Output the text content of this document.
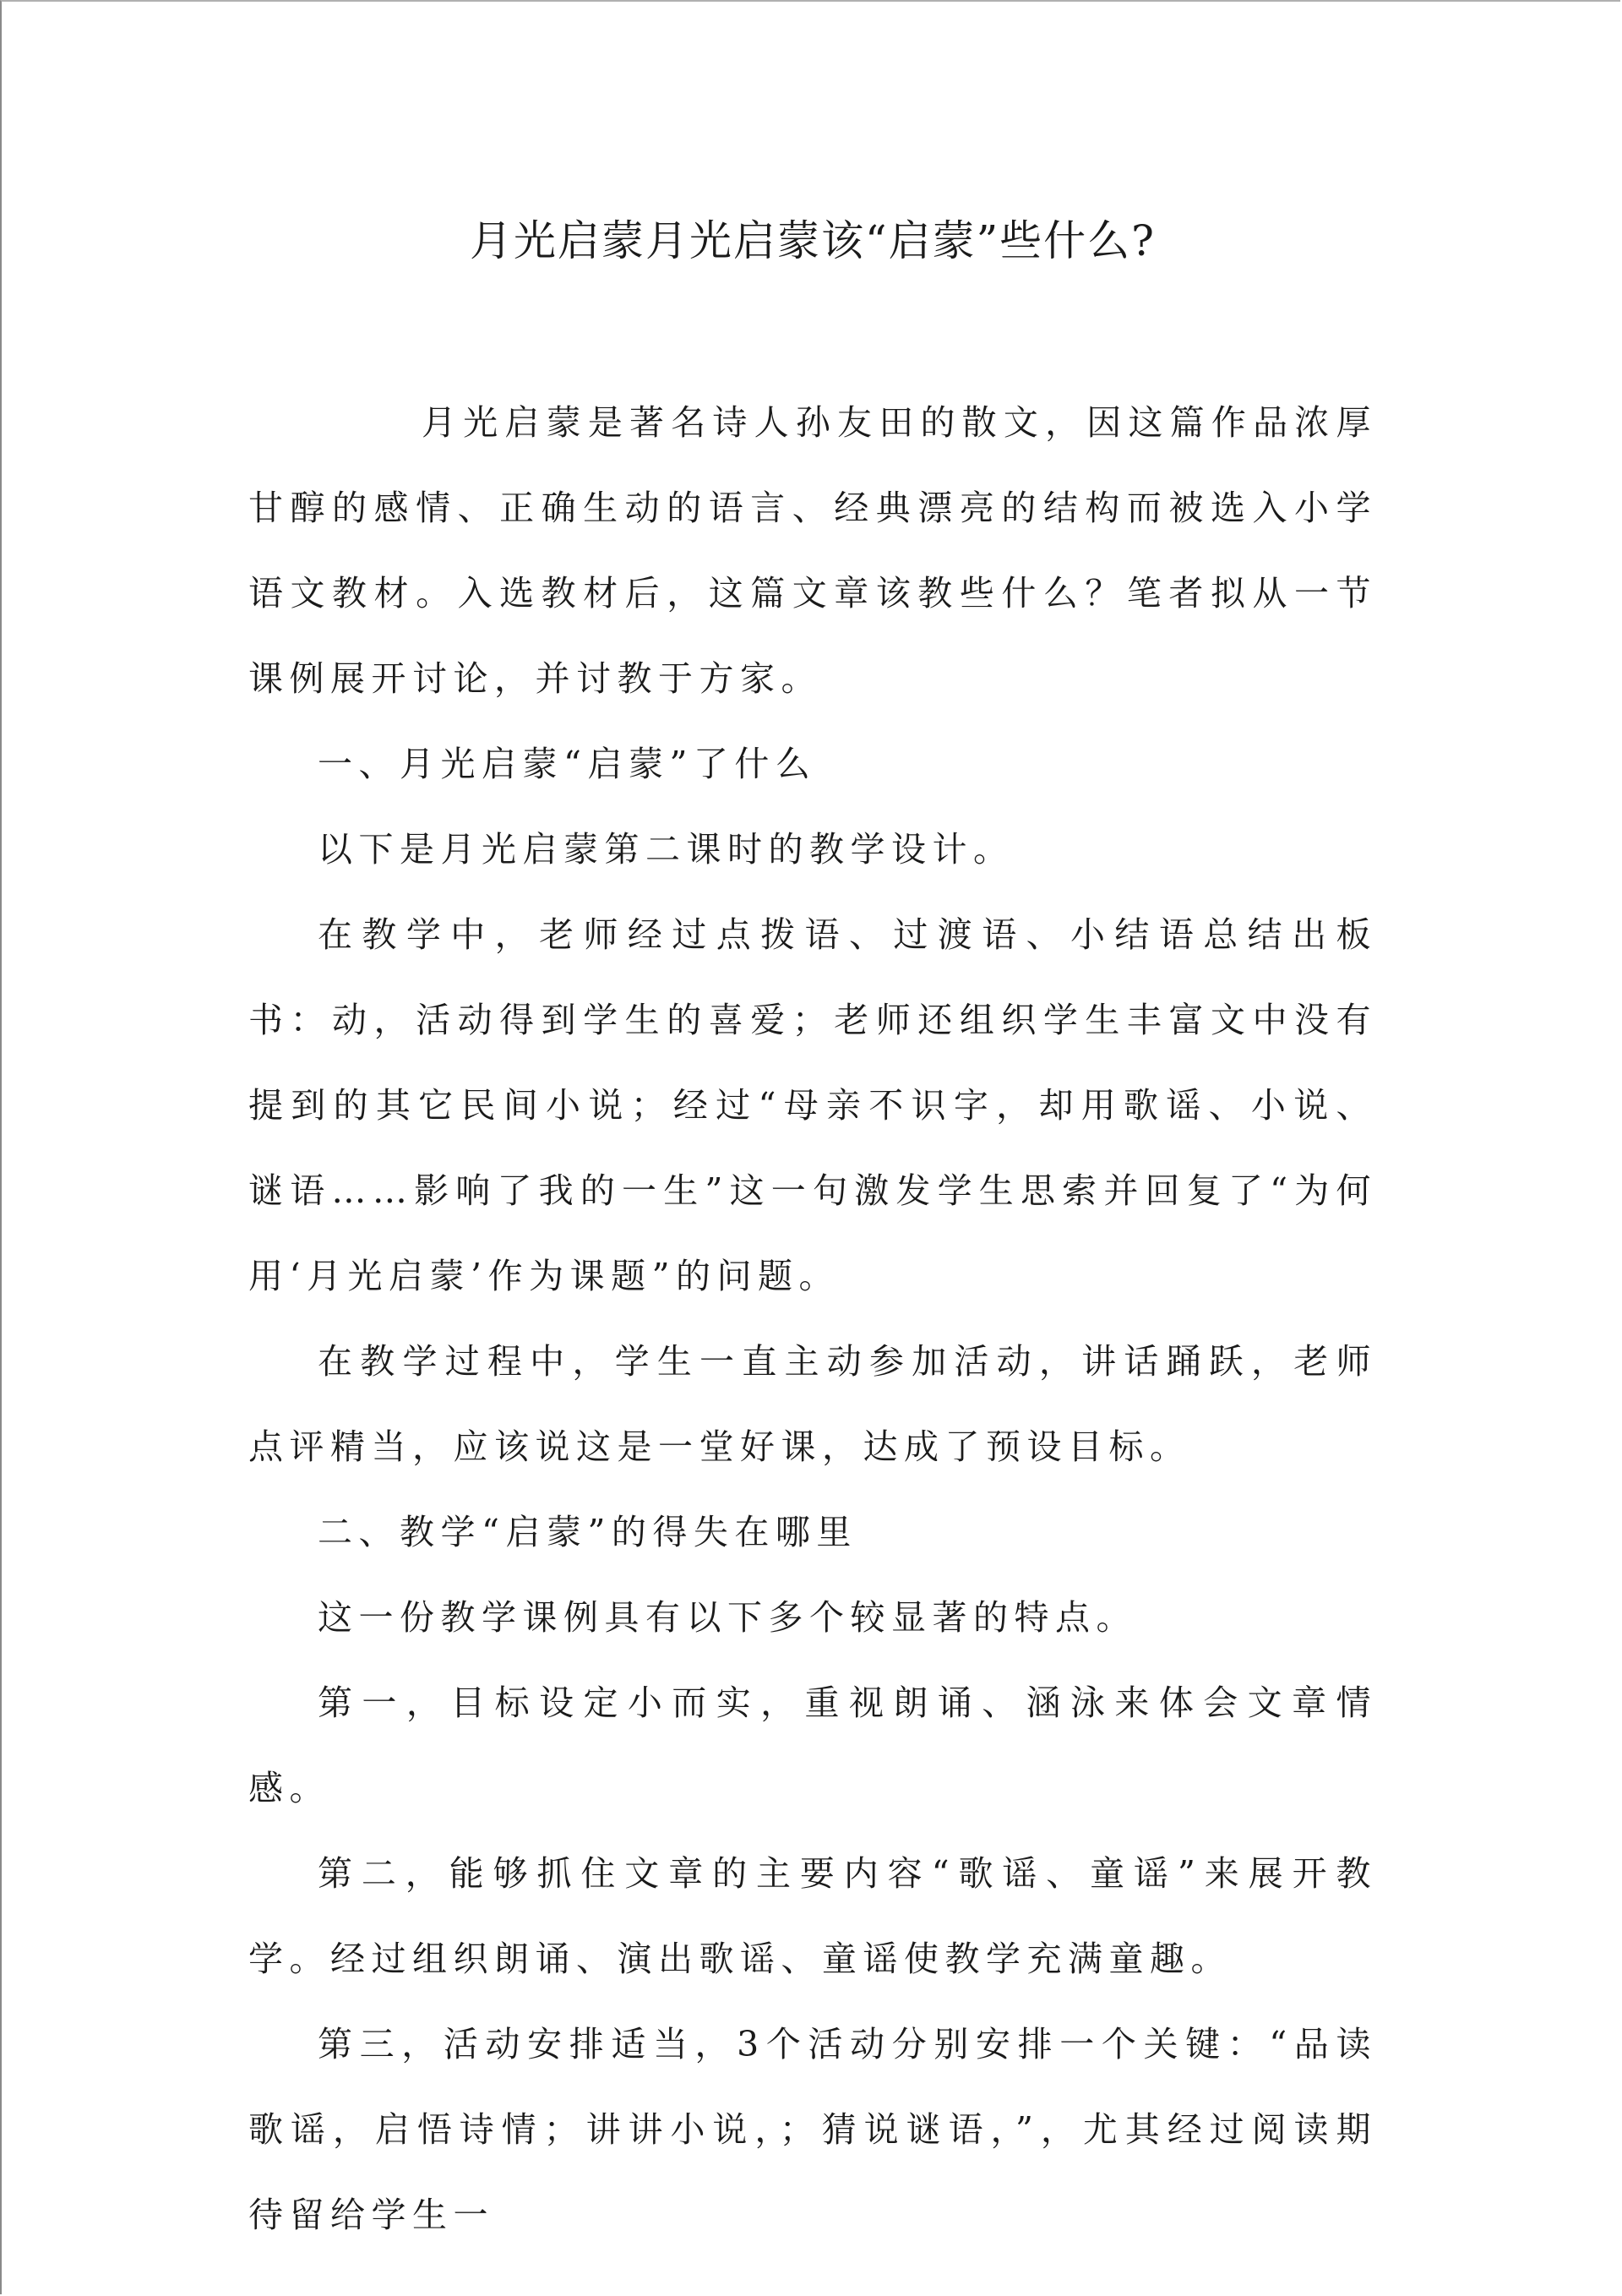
月光启蒙月光启蒙该“启蒙”些什么?

月光启蒙是著名诗人孙友田的散文，因这篇作品浓厚甘醇的感情、正确生动的语言、经典漂亮的结构而被选入小学语文教材。入选教材后，这篇文章该教些什么？笔者拟从一节课例展开讨论，并讨教于方家。

一、月光启蒙“启蒙”了什么

以下是月光启蒙第二课时的教学设计。

在教学中，老师经过点拨语、过渡语、小结语总结出板书：动，活动得到学生的喜爱；老师还组织学生丰富文中没有提到的其它民间小说；经过“母亲不识字，却用歌谣、小说、谜语……影响了我的一生”这一句激发学生思索并回复了“为何用‘月光启蒙’作为课题”的问题。

在教学过程中，学生一直主动参加活动，讲话踊跃，老师点评精当，应该说这是一堂好课，达成了预设目标。

二、教学“启蒙”的得失在哪里

这一份教学课例具有以下多个较显著的特点。

第一，目标设定小而实，重视朗诵、涵泳来体会文章情感。

第二，能够抓住文章的主要内容“歌谣、童谣”来展开教学。经过组织朗诵、演出歌谣、童谣使教学充满童趣。

第三，活动安排适当，3个活动分别安排一个关键：“品读歌谣，启悟诗情；讲讲小说，；猜说谜语，”，尤其经过阅读期待留给学生一
